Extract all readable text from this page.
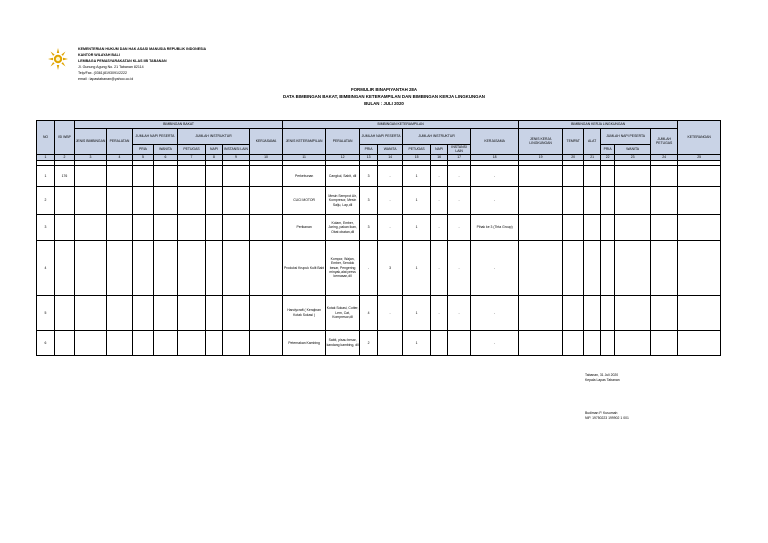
KEMENTERIAN HUKUM DAN HAK ASASI MANUSIA REPUBLIK INDONESIA
KANTOR WILAYAH BALI
LEMBAGA PEMASYARAKATAN KLAS IIB TABANAN
Jl. Gunung Agung No. 21 Tabanan 82114
Telp/Fax. (0361)8193091/2222
email : lapastabanan@yahoo.co.id
FORMULIR BINAPIYANTAH 28A
DATA BIMBINGAN BAKAT, BIMBINGAN KETERAMPILAN DAN BIMBINGAN KERJA LINGKUNGAN
BULAN : JULI 2020
NO	ISI WBP	BIMBINGAN BAKAT								BIMBINGAN KETERAMPILAN								BIMBINGAN KERJA LINGKUNGAN						KETERANGAN
		JENIS BIMBINGAN	PERALATAN	JUMLAH NAPI PESERTA		JUMLAH INSTRUKTUR			KERJASAMA	JENIS KETERAMPILAN	PERALATAN	JUMLAH NAPI PESERTA		JUMLAH INSTRUKTUR			KERJASAMA	JENIS KERJA LINGKUNGAN	TEMPAT	ALAT	JUMLAH NAPI PESERTA		JUMLAH PETUGAS	

				PRIA	WANITA	PETUGAS	NAPI	INSTANSI LAIN				PRIA	WANITA	PETUGAS	NAPI	INSTANSI LAIN					PRIA	WANITA		
1	2	3	4	5	6	7	8	9	10	11	12	13	14	15	16	17	18	19	20	21	22	23	24	25

1	176									Perkebunan	Cangkul, Sabit, dll	3	-	1	-	-	-							
2										CUCI MOTOR	Mesin Semprot Air, Kompresor, Mesin Salju, Lap,dll	3	-	1	-	-	-							
3										Perikanan	Kolam, Ember, Jaring, pakan ikan, Obat obatan,dll	3	-	1	-	-	Pihak ke 3 (Tirta Group)							
4										Produksi Krupuk Kulit Babi	Kompor, Wajan, Ember, Sendok besar, Pengering minyak,alat press kemasan,dll	-	3	1	-	-	-							
5										Handycraft ( Kerajinan Kotak Sokasi )	Kotak Sokasi, Cutter, Lem, Cat, Kompresor,dll	4	-	1	-	-	-							
6										Peternakan Kambing	Sabit, pisau besar, kandang kambing, dll	2		1			-							
Tabanan, 31 Juli 2020
Kepala Lapas Tabanan
Budiman P. Kusumah
NIP. 19750223 199902 1 001
